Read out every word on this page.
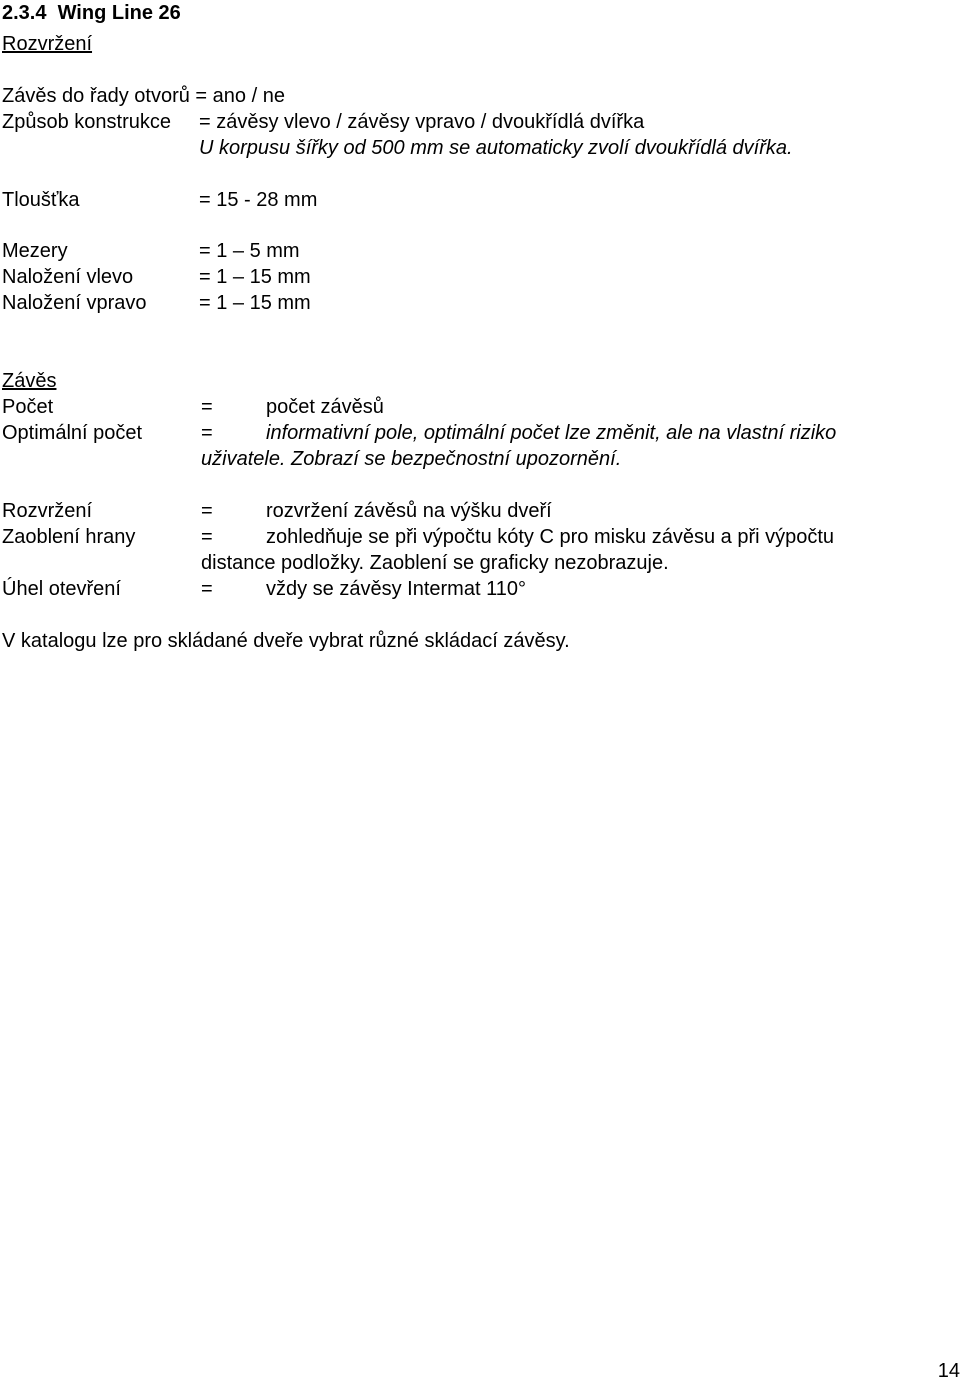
2.3.4 Wing Line 26
Rozvržení
Závěs do řady otvorů = ano / ne
Způsob konstrukce = závěsy vlevo / závěsy vpravo / dvoukřídlá dvířka
U korpusu šířky od 500 mm se automaticky zvolí dvoukřídlá dvířka.
Tloušťka	= 15 - 28 mm
Mezery	= 1 – 5 mm
Naložení vlevo	= 1 – 15 mm
Naložení vpravo	= 1 – 15 mm
Závěs
Počet	=	počet závěsů
Optimální počet	=	informativní pole, optimální počet lze změnit, ale na vlastní riziko
uživatele. Zobrazí se bezpečnostní upozornění.
Rozvržení	=	rozvržení závěsů na výšku dveří
Zaoblení hrany	=	zohledňuje se při výpočtu kóty C pro misku závěsu a při výpočtu
distance podložky. Zaoblení se graficky nezobrazuje.
Úhel otevření	=	vždy se závěsy Intermat 110°
V katalogu lze pro skládané dveře vybrat různé skládací závěsy.
14
